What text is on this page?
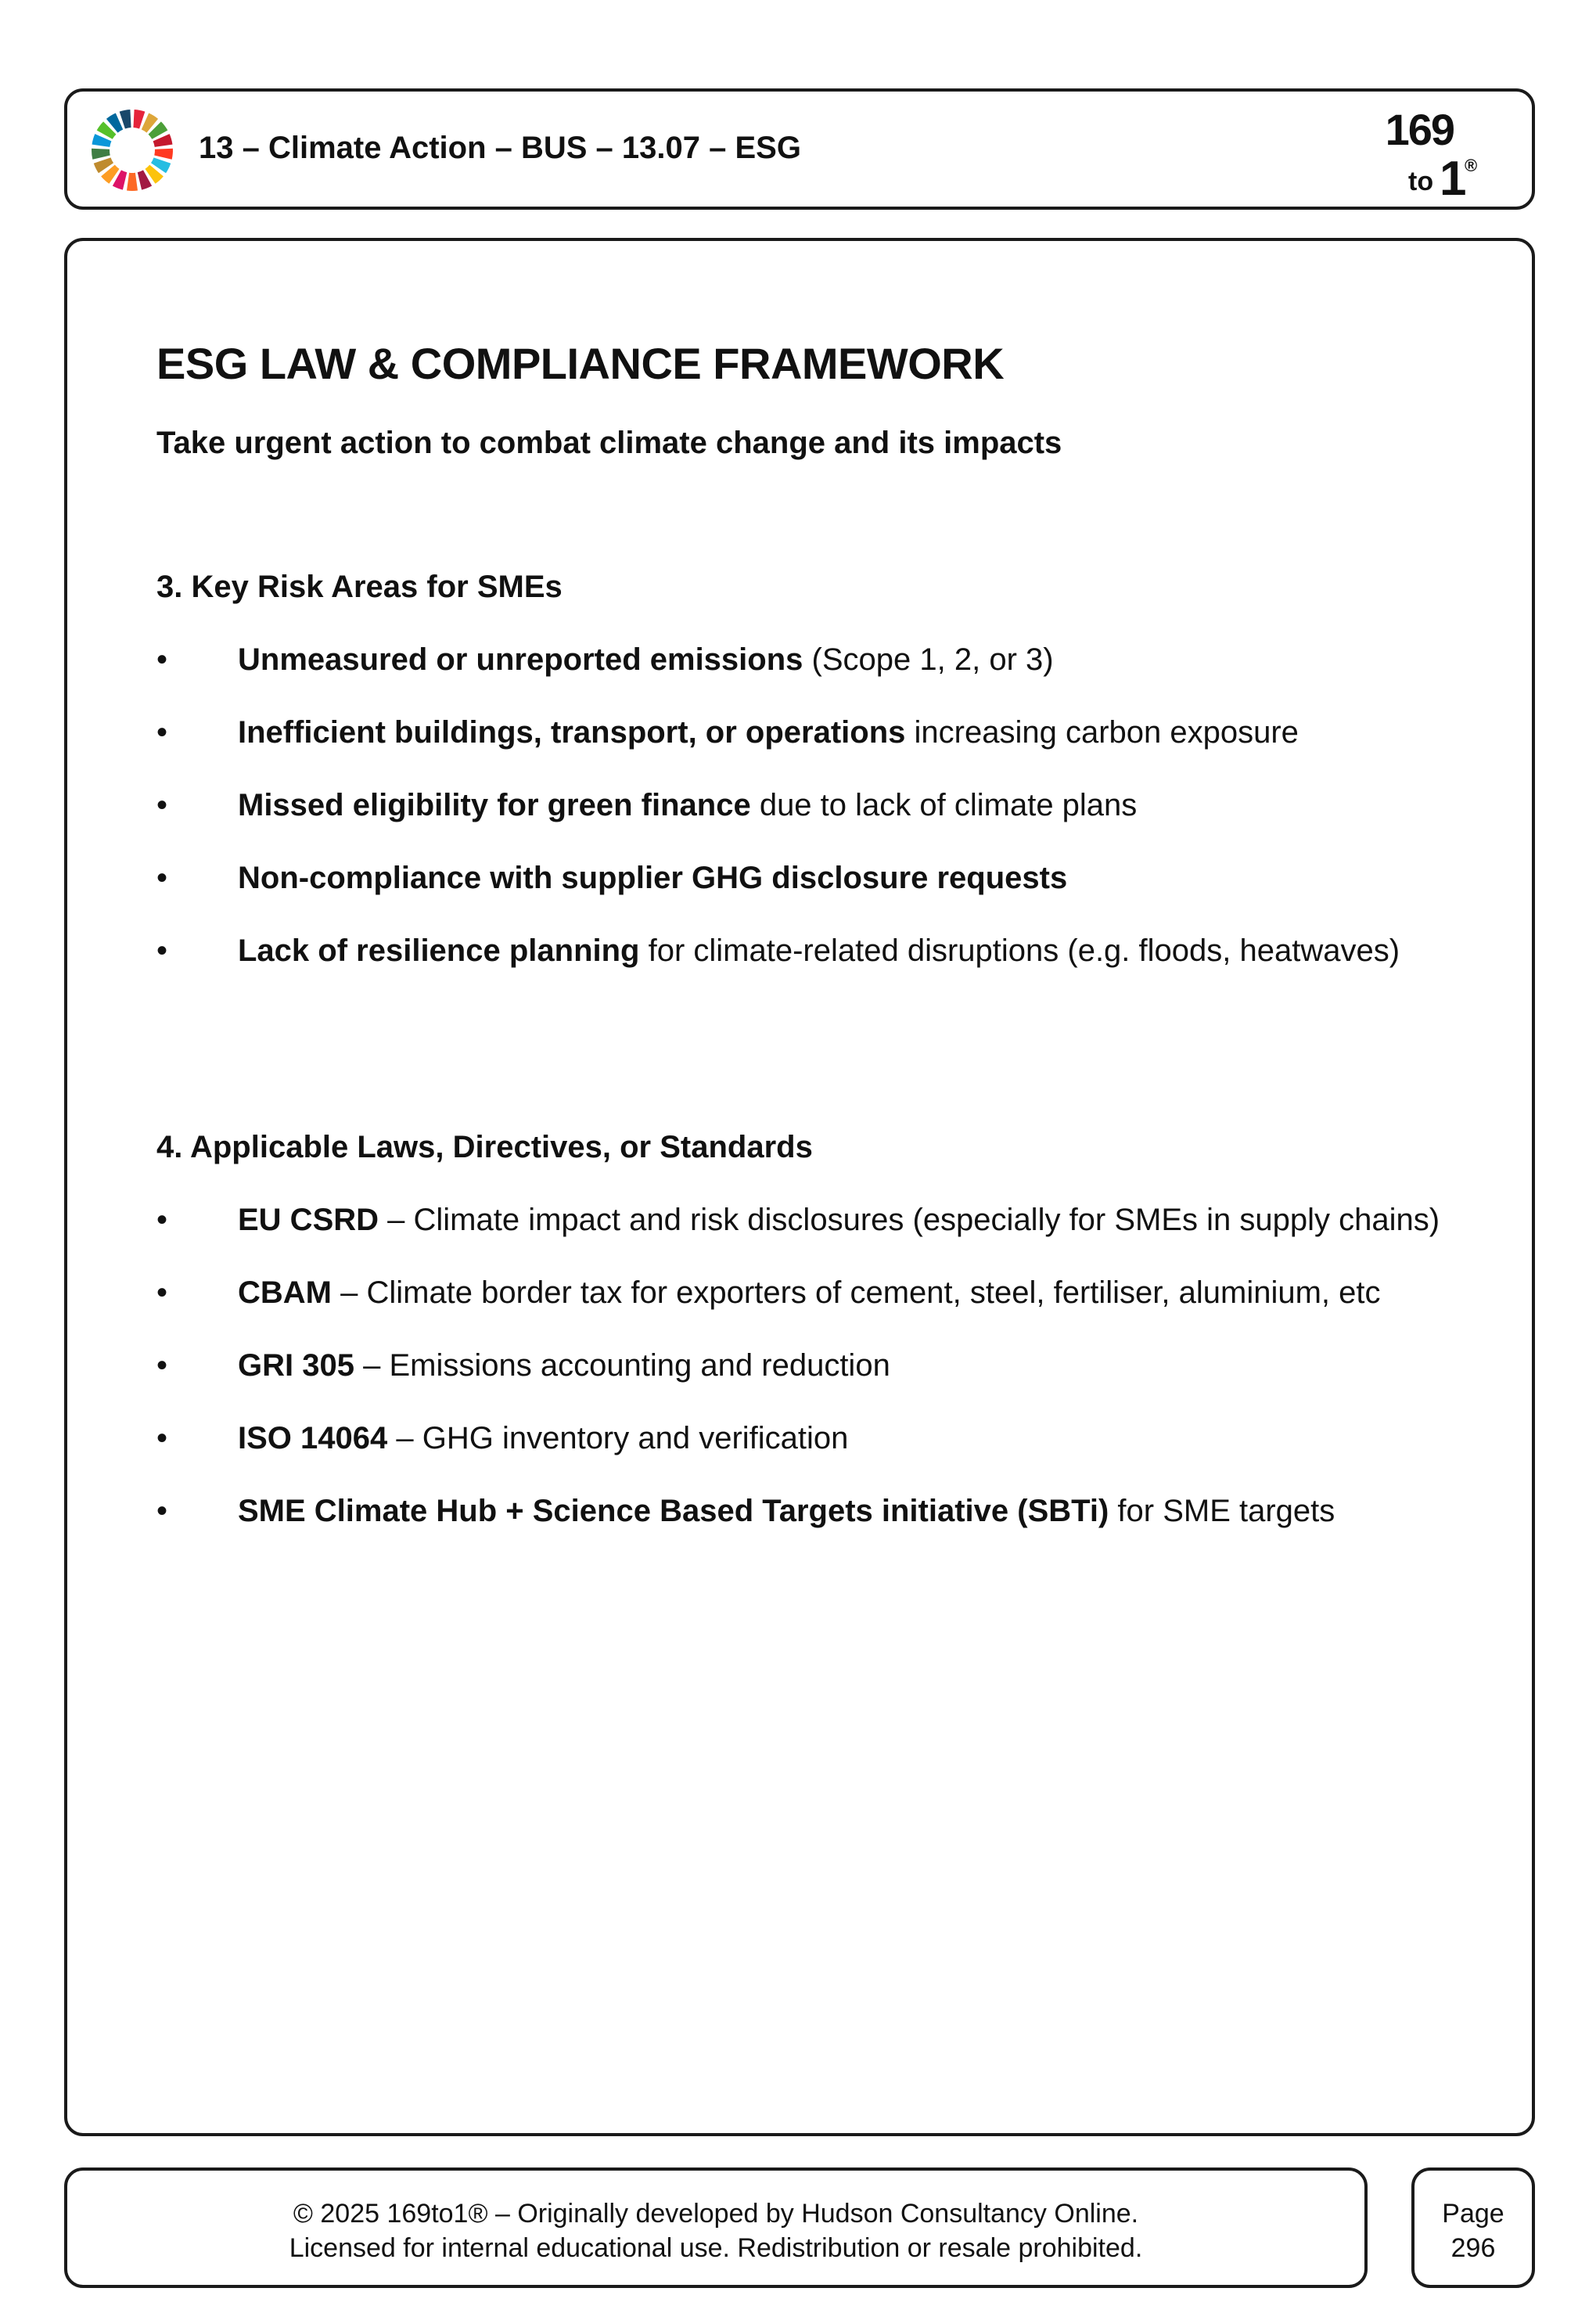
13 – Climate Action – BUS – 13.07 – ESG	169
to 1
®
ESG LAW & COMPLIANCE FRAMEWORK
Take urgent action to combat climate change and its impacts
3. Key Risk Areas for SMEs
• Unmeasured or unreported emissions (Scope 1, 2, or 3)
• Inefficient buildings, transport, or operations increasing carbon exposure
• Missed eligibility for green finance due to lack of climate plans
• Non-compliance with supplier GHG disclosure requests
• Lack of resilience planning for climate-related disruptions (e.g. floods, heatwaves)
4. Applicable Laws, Directives, or Standards
• EU CSRD – Climate impact and risk disclosures (especially for SMEs in supply chains)
• CBAM – Climate border tax for exporters of cement, steel, fertiliser, aluminium, etc
• GRI 305 – Emissions accounting and reduction
• ISO 14064 – GHG inventory and verification
• SME Climate Hub + Science Based Targets initiative (SBTi) for SME targets
© 2025 169to1® – Originally developed by Hudson Consultancy Online.
Licensed for internal educational use. Redistribution or resale prohibited.
Page
296
